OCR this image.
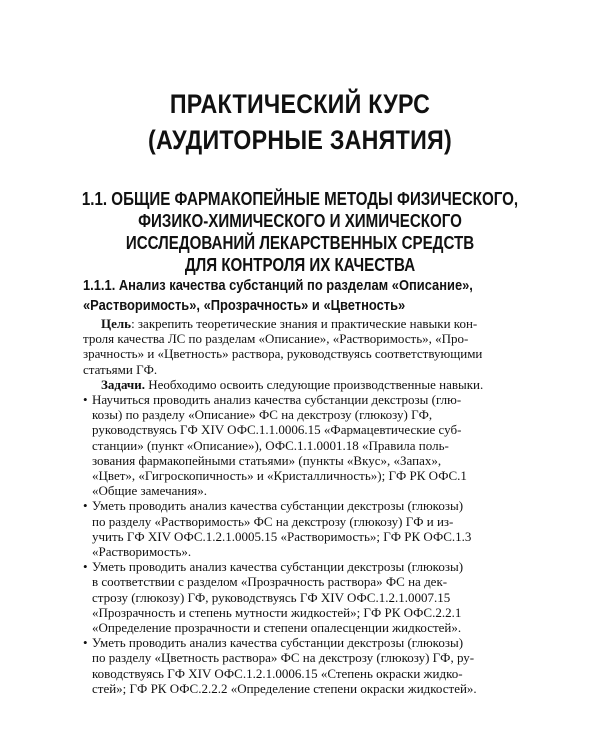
ПРАКТИЧЕСКИЙ КУРС
(АУДИТОРНЫЕ ЗАНЯТИЯ)
1.1. ОБЩИЕ ФАРМАКОПЕЙНЫЕ МЕТОДЫ ФИЗИЧЕСКОГО,
ФИЗИКО-ХИМИЧЕСКОГО И ХИМИЧЕСКОГО
ИССЛЕДОВАНИЙ ЛЕКАРСТВЕННЫХ СРЕДСТВ
ДЛЯ КОНТРОЛЯ ИХ КАЧЕСТВА
1.1.1. Анализ качества субстанций по разделам «Описание»,
«Растворимость», «Прозрачность» и «Цветность»
Цель: закрепить теоретические знания и практические навыки кон-
троля качества ЛС по разделам «Описание», «Растворимость», «Про-
зрачность» и «Цветность» раствора, руководствуясь соответствующими
статьями ГФ.
Задачи. Необходимо освоить следующие производственные навыки.
• Научиться проводить анализ качества субстанции декстрозы (глю-
козы) по разделу «Описание» ФС на декстрозу (глюкозу) ГФ,
руководствуясь ГФ XIV ОФС.1.1.0006.15 «Фармацевтические суб-
станции» (пункт «Описание»), ОФС.1.1.0001.18 «Правила поль-
зования фармакопейными статьями» (пункты «Вкус», «Запах»,
«Цвет», «Гигроскопичность» и «Кристалличность»); ГФ РК ОФС.1
«Общие замечания».
• Уметь проводить анализ качества субстанции декстрозы (глюкозы)
по разделу «Растворимость» ФС на декстрозу (глюкозу) ГФ и из-
учить ГФ XIV ОФС.1.2.1.0005.15 «Растворимость»; ГФ РК ОФС.1.3
«Растворимость».
• Уметь проводить анализ качества субстанции декстрозы (глюкозы)
в соответствии с разделом «Прозрачность раствора» ФС на дек-
строзу (глюкозу) ГФ, руководствуясь ГФ XIV ОФС.1.2.1.0007.15
«Прозрачность и степень мутности жидкостей»; ГФ РК ОФС.2.2.1
«Определение прозрачности и степени опалесценции жидкостей».
• Уметь проводить анализ качества субстанции декстрозы (глюкозы)
по разделу «Цветность раствора» ФС на декстрозу (глюкозу) ГФ, ру-
ководствуясь ГФ XIV ОФС.1.2.1.0006.15 «Степень окраски жидко-
стей»; ГФ РК ОФС.2.2.2 «Определение степени окраски жидкостей».
